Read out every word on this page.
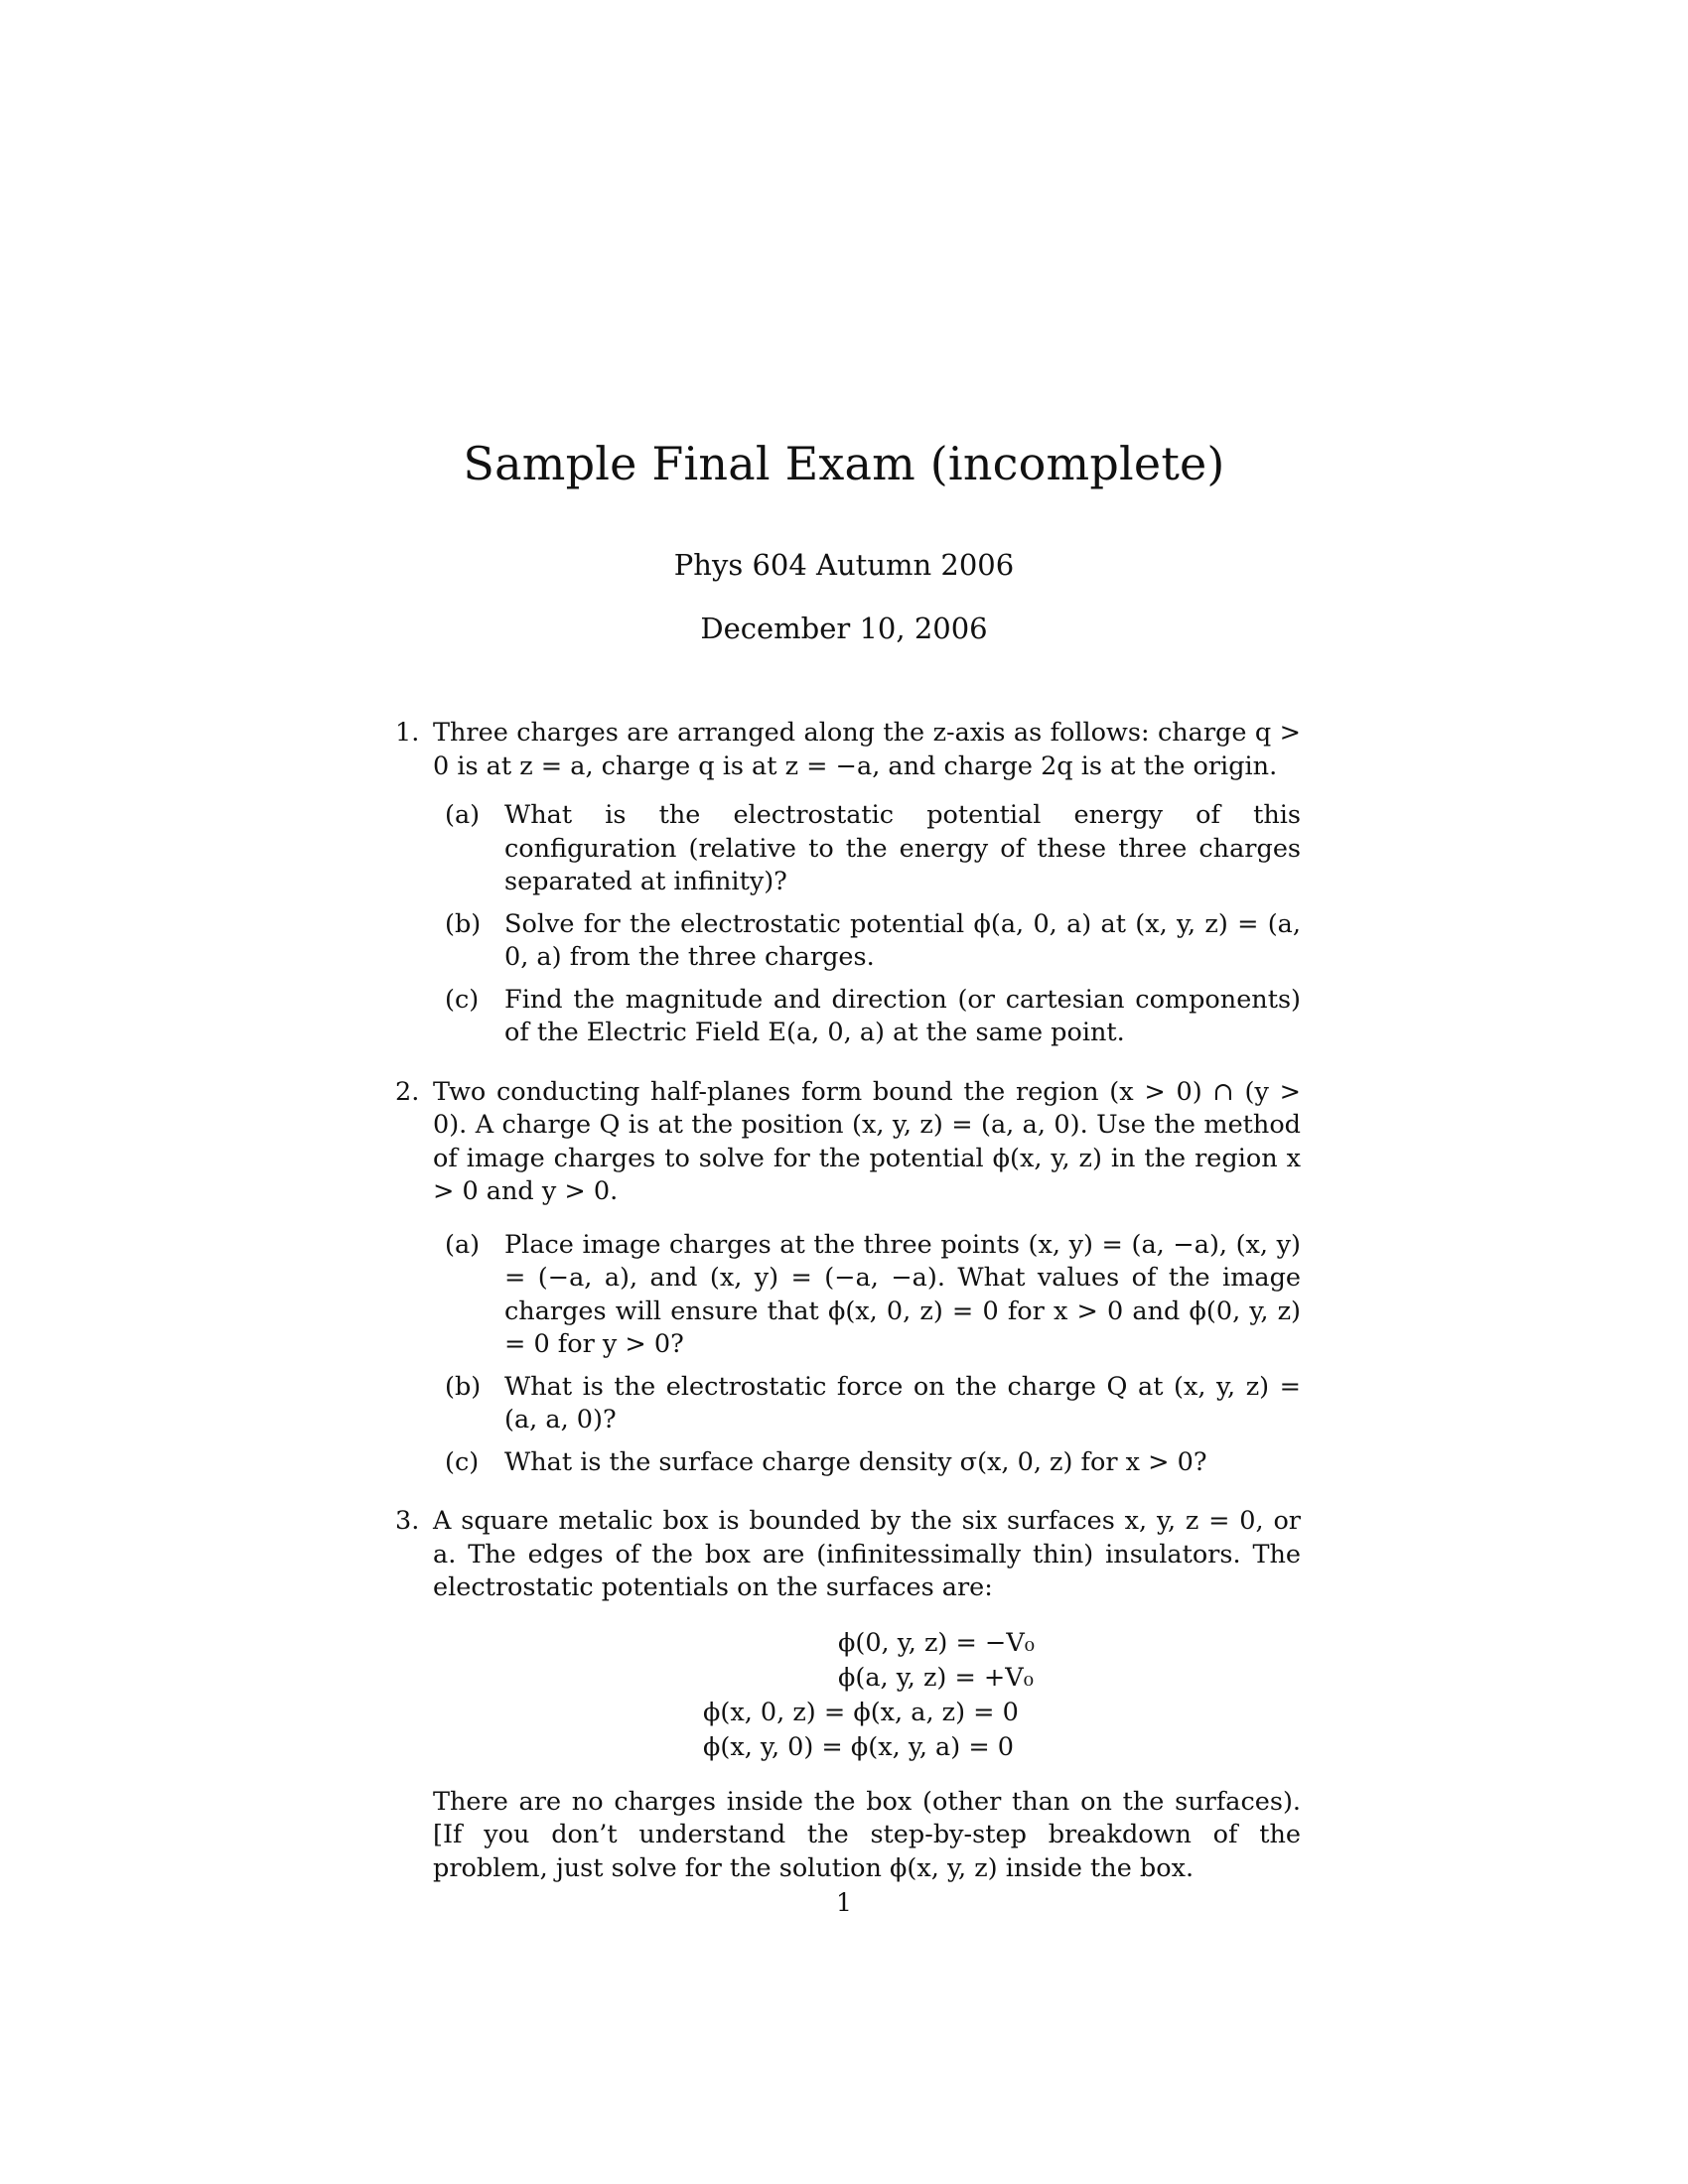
Sample Final Exam (incomplete)
Phys 604 Autumn 2006
December 10, 2006
1. Three charges are arranged along the z-axis as follows: charge q > 0 is at z = a, charge q is at z = −a, and charge 2q is at the origin.
(a) What is the electrostatic potential energy of this configuration (relative to the energy of these three charges separated at infinity)?
(b) Solve for the electrostatic potential ϕ(a, 0, a) at (x, y, z) = (a, 0, a) from the three charges.
(c) Find the magnitude and direction (or cartesian components) of the Electric Field E(a, 0, a) at the same point.
2. Two conducting half-planes form bound the region (x > 0) ∩ (y > 0). A charge Q is at the position (x, y, z) = (a, a, 0). Use the method of image charges to solve for the potential ϕ(x, y, z) in the region x > 0 and y > 0.
(a) Place image charges at the three points (x, y) = (a, −a), (x, y) = (−a, a), and (x, y) = (−a, −a). What values of the image charges will ensure that ϕ(x, 0, z) = 0 for x > 0 and ϕ(0, y, z) = 0 for y > 0?
(b) What is the electrostatic force on the charge Q at (x, y, z) = (a, a, 0)?
(c) What is the surface charge density σ(x, 0, z) for x > 0?
3. A square metalic box is bounded by the six surfaces x, y, z = 0, or a. The edges of the box are (infinitessimally thin) insulators. The electrostatic potentials on the surfaces are:
ϕ(0, y, z) = −V₀
ϕ(a, y, z) = +V₀
ϕ(x, 0, z) = ϕ(x, a, z) = 0
ϕ(x, y, 0) = ϕ(x, y, a) = 0
There are no charges inside the box (other than on the surfaces). [If you don’t understand the step-by-step breakdown of the problem, just solve for the solution ϕ(x, y, z) inside the box.
1
